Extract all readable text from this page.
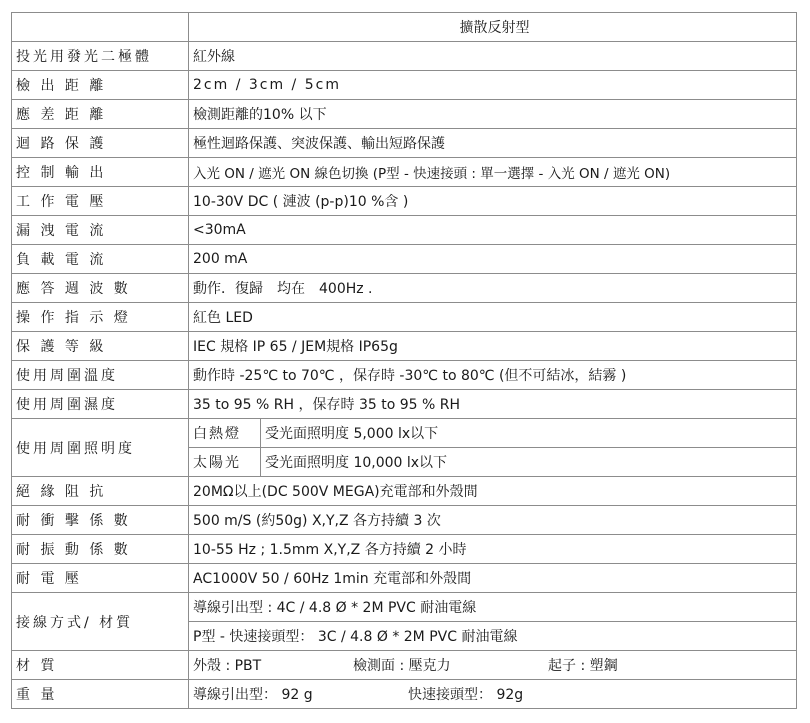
	擴散反射型	
投光用發光二極體	紅外線	
檢 出 距 離	2cm / 3cm / 5cm	
應 差 距 離	檢測距離的10% 以下	
迴 路 保 護	極性迴路保護、突波保護、輸出短路保護	
控 制 輸 出	入光 ON / 遮光 ON 線色切換 (P型 - 快速接頭 : 單一選擇 - 入光 ON / 遮光 ON)	
工 作 電 壓	10-30V DC ( 漣波 (p-p)10 %含 )	
漏 洩 電 流	<30mA	
負 載 電 流	200 mA	
應 答 週 波 數	動作．復歸　均在　400Hz .	
操 作 指 示 燈	紅色 LED	
保 護 等 級	IEC 規格 IP 65 / JEM規格 IP65g	
使用周圍溫度	動作時 -25℃ to 70℃ ，保存時 -30℃ to 80℃ (但不可結冰，結霧 )	
使用周圍濕度	35 to 95 % RH ，保存時 35 to 95 % RH	
使用周圍照明度	白熱燈	受光面照明度 5,000 lx以下
	太陽光	受光面照明度 10,000 lx以下
絕 緣 阻 抗	20MΩ以上(DC 500V MEGA)充電部和外殼間	
耐 衝 擊 係 數	500 m/S (約50g) X,Y,Z 各方持續 3 次	
耐 振 動 係 數	10-55 Hz ; 1.5mm X,Y,Z 各方持續 2 小時	
耐 電 壓	AC1000V 50 / 60Hz 1min 充電部和外殼間	
接線方式/ 材質	導線引出型 : 4C / 4.8 Ø * 2M PVC 耐油電線	
	P型 - 快速接頭型： 3C / 4.8 Ø * 2M PVC 耐油電線	
材 質	外殼 : PBT 檢測面 : 壓克力 起子 : 塑鋼	
重 量	導線引出型： 92 g 快速接頭型： 92g	
